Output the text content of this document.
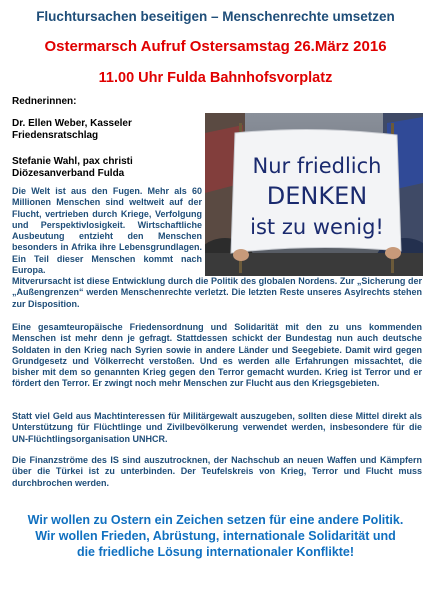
Fluchtursachen beseitigen – Menschenrechte umsetzen
Ostermarsch Aufruf Ostersamstag 26.März 2016
11.00 Uhr Fulda Bahnhofsvorplatz
Rednerinnen:
Dr. Ellen Weber, Kasseler
Friedensratschlag
Stefanie Wahl, pax christi
Diözesanverband Fulda	Nur friedlich
DENKEN
ist zu wenig!
Die Welt ist aus den Fugen. Mehr als 60 Millionen Menschen sind weltweit auf der Flucht, vertrieben durch Kriege, Verfolgung und Perspektivlosigkeit. Wirtschaftliche Ausbeutung entzieht den Menschen besonders in Afrika ihre Lebensgrundlagen. Ein Teil dieser Menschen kommt nach Europa.
Mitverursacht ist diese Entwicklung durch die Politik des globalen Nordens. Zur „Sicherung der „Außengrenzen“ werden Menschenrechte verletzt. Die letzten Reste unseres Asylrechts stehen zur Disposition.
Eine gesamteuropäische Friedensordnung und Solidarität mit den zu uns kommenden Menschen ist mehr denn je gefragt. Stattdessen schickt der Bundestag nun auch deutsche Soldaten in den Krieg nach Syrien sowie in andere Länder und Seegebiete. Damit wird gegen Grundgesetz und Völkerrecht verstoßen. Und es werden alle Erfahrungen missachtet, die bisher mit dem so genannten Krieg gegen den Terror gemacht wurden. Krieg ist Terror und er fördert den Terror. Er zwingt noch mehr Menschen zur Flucht aus den Kriegsgebieten.
Statt viel Geld aus Machtinteressen für Militärgewalt auszugeben, sollten diese Mittel direkt als Unterstützung für Flüchtlinge und Zivilbevölkerung verwendet werden, insbesondere für die UN-Flüchtlingsorganisation UNHCR.
Die Finanzströme des IS sind auszutrocknen, der Nachschub an neuen Waffen und Kämpfern über die Türkei ist zu unterbinden. Der Teufelskreis von Krieg, Terror und Flucht muss durchbrochen werden.
Wir wollen zu Ostern ein Zeichen setzen für eine andere Politik.
Wir wollen Frieden, Abrüstung, internationale Solidarität und
die friedliche Lösung internationaler Konflikte!
